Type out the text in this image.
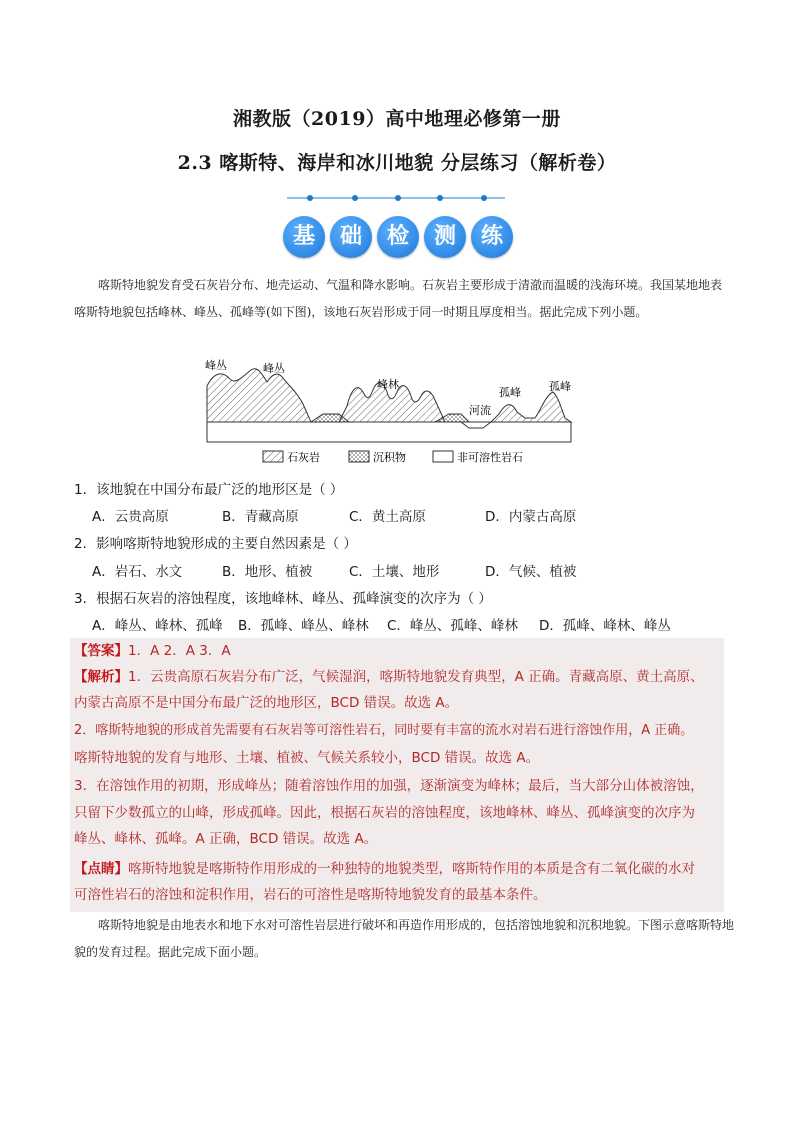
湘教版（2019）高中地理必修第一册
2.3 喀斯特、海岸和冰川地貌 分层练习（解析卷）
基	础	检	测	练
喀斯特地貌发育受石灰岩分布、地壳运动、气温和降水影响。石灰岩主要形成于清澈而温暖的浅海环境。我国某地地表喀斯特地貌包括峰林、峰丛、孤峰等(如下图)，该地石灰岩形成于同一时期且厚度相当。据此完成下列小题。
峰丛	峰丛
峰林
河流
孤峰	孤峰
石灰岩	沉积物	非可溶性岩石
1．该地貌在中国分布最广泛的地形区是（ ）
A．云贵高原	B．青藏高原	C．黄土高原	D．内蒙古高原
2．影响喀斯特地貌形成的主要自然因素是（ ）
A．岩石、水文	B．地形、植被	C．土壤、地形	D．气候、植被
3．根据石灰岩的溶蚀程度，该地峰林、峰丛、孤峰演变的次序为（ ）
A．峰丛、峰林、孤峰 B．孤峰、峰丛、峰林 C．峰丛、孤峰、峰林 D．孤峰、峰林、峰丛
【答案】1．A 2．A 3．A
【解析】1．云贵高原石灰岩分布广泛，气候湿润，喀斯特地貌发育典型，A 正确。青藏高原、黄土高原、
内蒙古高原不是中国分布最广泛的地形区，BCD 错误。故选 A。
2．喀斯特地貌的形成首先需要有石灰岩等可溶性岩石，同时要有丰富的流水对岩石进行溶蚀作用，A 正确。
喀斯特地貌的发育与地形、土壤、植被、气候关系较小，BCD 错误。故选 A。
3．在溶蚀作用的初期，形成峰丛；随着溶蚀作用的加强，逐渐演变为峰林；最后，当大部分山体被溶蚀，
只留下少数孤立的山峰，形成孤峰。因此，根据石灰岩的溶蚀程度，该地峰林、峰丛、孤峰演变的次序为
峰丛、峰林、孤峰。A 正确，BCD 错误。故选 A。
【点睛】喀斯特地貌是喀斯特作用形成的一种独特的地貌类型，喀斯特作用的本质是含有二氧化碳的水对
可溶性岩石的溶蚀和淀积作用，岩石的可溶性是喀斯特地貌发育的最基本条件。
喀斯特地貌是由地表水和地下水对可溶性岩层进行破坏和再造作用形成的，包括溶蚀地貌和沉积地貌。下图示意喀斯特地貌的发育过程。据此完成下面小题。
